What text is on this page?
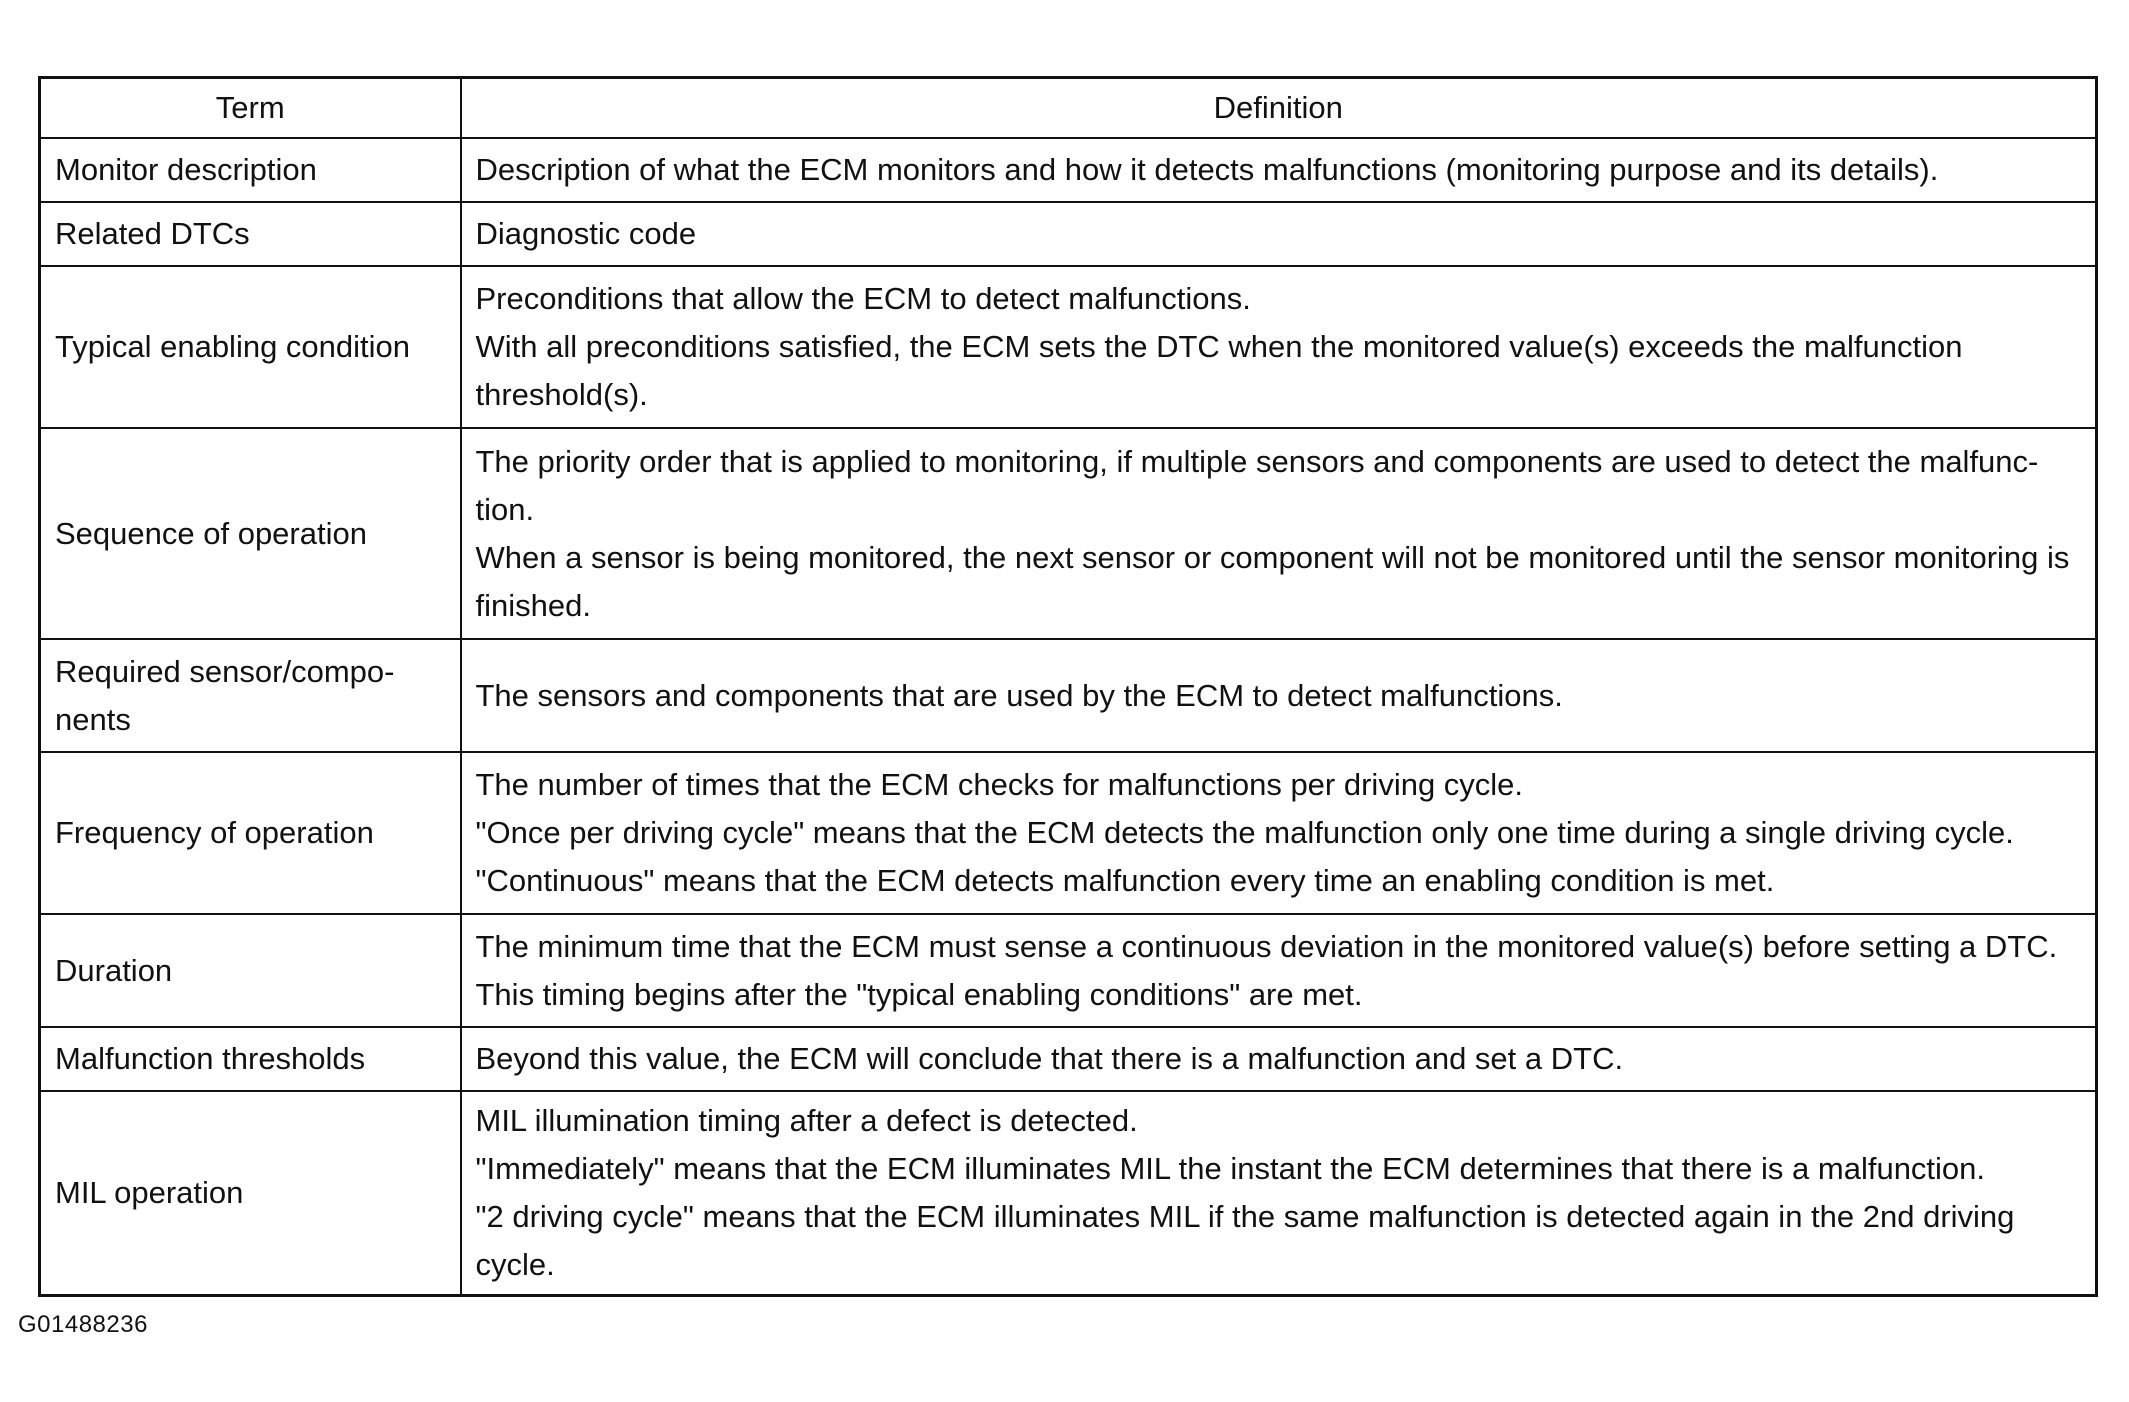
Term	Definition
Monitor description	Description of what the ECM monitors and how it detects malfunctions (monitoring purpose and its details).

Related DTCs	Diagnostic code

Typical enabling condition	Preconditions that allow the ECM to detect malfunctions.
With all preconditions satisfied, the ECM sets the DTC when the monitored value(s) exceeds the malfunction threshold(s).

Sequence of operation	The priority order that is applied to monitoring, if multiple sensors and components are used to detect the malfunc-tion.
When a sensor is being monitored, the next sensor or component will not be monitored until the sensor monitoring is finished.

Required sensor/compo-nents	The sensors and components that are used by the ECM to detect malfunctions.

Frequency of operation	The number of times that the ECM checks for malfunctions per driving cycle.
"Once per driving cycle" means that the ECM detects the malfunction only one time during a single driving cycle.
"Continuous" means that the ECM detects malfunction every time an enabling condition is met.

Duration	The minimum time that the ECM must sense a continuous deviation in the monitored value(s) before setting a DTC. This timing begins after the "typical enabling conditions" are met.

Malfunction thresholds	Beyond this value, the ECM will conclude that there is a malfunction and set a DTC.

MIL operation	MIL illumination timing after a defect is detected.
"Immediately" means that the ECM illuminates MIL the instant the ECM determines that there is a malfunction.
"2 driving cycle" means that the ECM illuminates MIL if the same malfunction is detected again in the 2nd driving cycle.
G01488236
